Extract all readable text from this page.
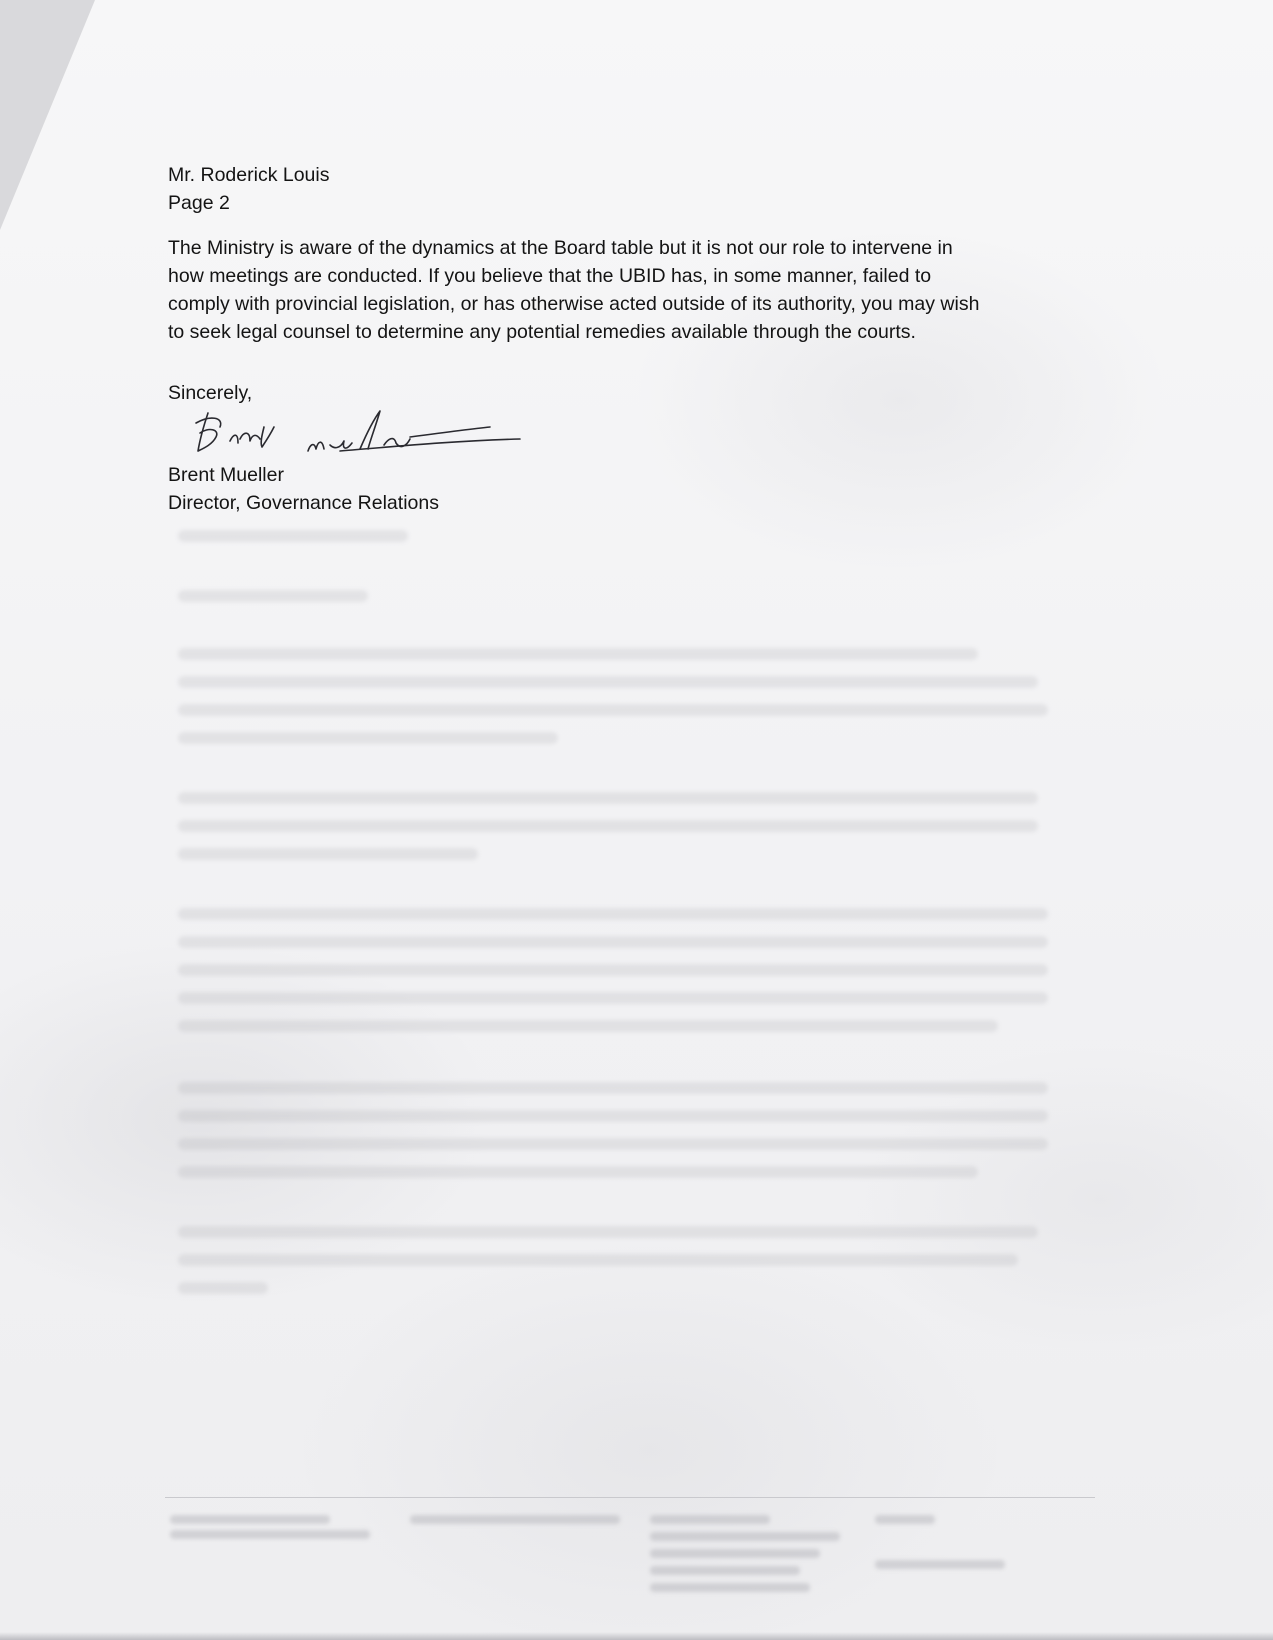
Mr. Roderick Louis
Page 2
The Ministry is aware of the dynamics at the Board table but it is not our role to intervene in
how meetings are conducted. If you believe that the UBID has, in some manner, failed to
comply with provincial legislation, or has otherwise acted outside of its authority, you may wish
to seek legal counsel to determine any potential remedies available through the courts.
Sincerely,
Brent Mueller
Director, Governance Relations
